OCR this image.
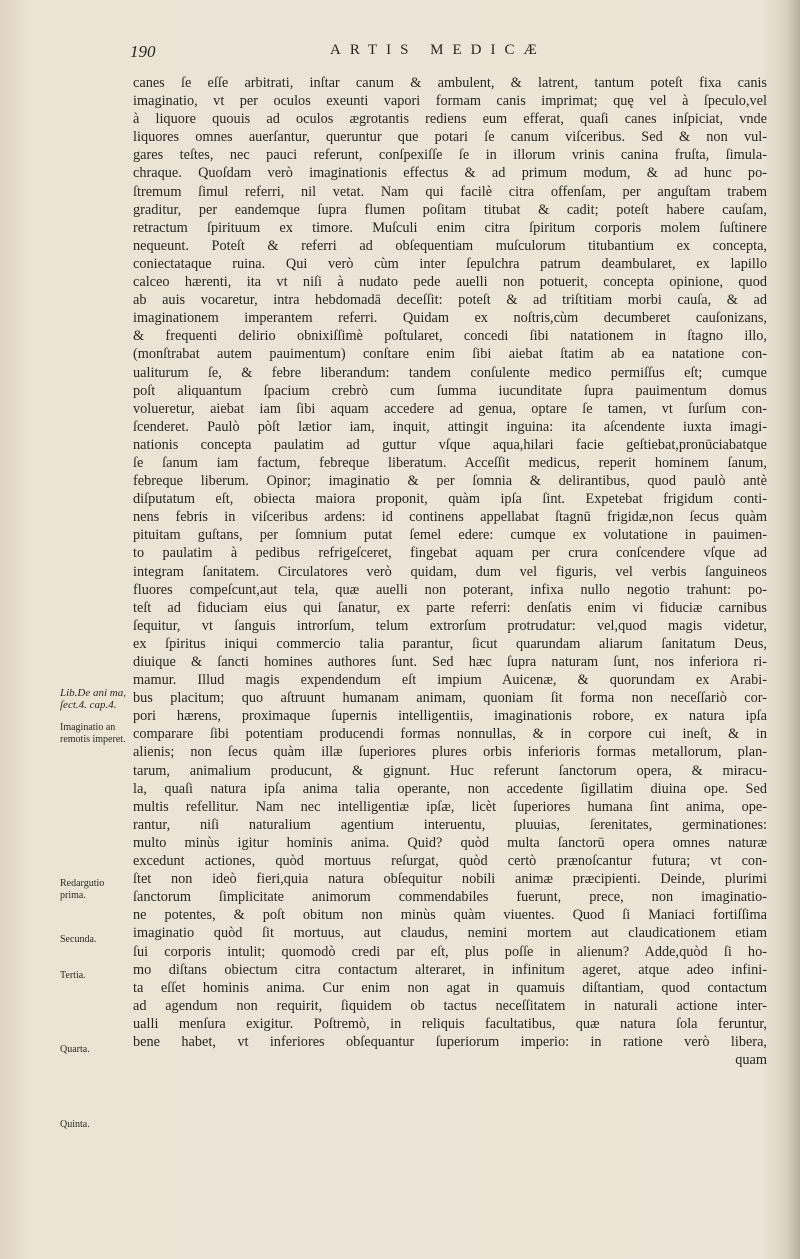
190	ARTIS MEDICÆ
canes ſe eſſe arbitrati, inſtar canum & ambulent, & latrent, tantum poteſt fixa canis
imaginatio, vt per oculos exeunti vapori formam canis imprimat; quę vel à ſpeculo,vel
à liquore quouis ad oculos ægrotantis rediens eum efferat, quaſi canes inſpiciat, vnde
liquores omnes auerſantur, queruntur que potari ſe canum viſceribus. Sed & non vul-
gares teſtes, nec pauci referunt, conſpexiſſe ſe in illorum vrinis canina fruſta, ſimula-
chraque. Quoſdam verò imaginationis effectus & ad primum modum, & ad hunc po-
ſtremum ſimul referri, nil vetat. Nam qui facilè citra offenſam, per anguſtam trabem
graditur, per eandemque ſupra flumen poſitam titubat & cadit; poteſt habere cauſam,
retractum ſpirituum ex timore. Muſculi enim citra ſpiritum corporis molem ſuſtinere
nequeunt. Poteſt & referri ad obſequentiam muſculorum titubantium ex concepta,
coniectataque ruina. Qui verò cùm inter ſepulchra patrum deambularet, ex lapillo
calceo hærenti, ita vt niſi à nudato pede auelli non potuerit, concepta opinione, quod
ab auis vocaretur, intra hebdomadā deceſſit: poteſt & ad triſtitiam morbi cauſa, & ad
imaginationem imperantem referri. Quidam ex noſtris,cùm decumberet cauſonizans,
& frequenti delirio obnixiſſimè poſtularet, concedi ſibi natationem in ſtagno illo,
(monſtrabat autem pauimentum) conſtare enim ſibi aiebat ſtatim ab ea natatione con-
ualiturum ſe, & febre liberandum: tandem conſulente medico permiſſus eſt; cumque
poſt aliquantum ſpacium crebrò cum ſumma iucunditate ſupra pauimentum domus
volueretur, aiebat iam ſibi aquam accedere ad genua, optare ſe tamen, vt ſurſum con-
ſcenderet. Paulò pòſt lætior iam, inquit, attingit inguina: ita aſcendente iuxta imagi-
nationis concepta paulatim ad guttur vſque aqua,hilari facie geſtiebat,pronūciabatque
ſe ſanum iam factum, febreque liberatum. Acceſſit medicus, reperit hominem ſanum,
febreque liberum. Opinor; imaginatio & per ſomnia & delirantibus, quod paulò antè
diſputatum eſt, obiecta maiora proponit, quàm ipſa ſint. Expetebat frigidum conti-
nens febris in viſceribus ardens: id continens appellabat ſtagnū frigidæ,non ſecus quàm
pituitam guſtans, per ſomnium putat ſemel edere: cumque ex volutatione in pauimen-
to paulatim à pedibus refrigeſceret, fingebat aquam per crura conſcendere vſque ad
integram ſanitatem. Circulatores verò quidam, dum vel figuris, vel verbis ſanguineos
fluores compeſcunt,aut tela, quæ auelli non poterant, infixa nullo negotio trahunt: po-
teſt ad fiduciam eius qui ſanatur, ex parte referri: denſatis enim vi fiduciæ carnibus
ſequitur, vt ſanguis introrſum, telum extrorſum protrudatur: vel,quod magis videtur,
ex ſpiritus iniqui commercio talia parantur, ſicut quarundam aliarum ſanitatum Deus,
diuique & ſancti homines authores ſunt. Sed hæc ſupra naturam ſunt, nos inferiora ri-
mamur. Illud magis expendendum eſt impium Auicenæ, & quorundam ex Arabi-
bus placitum; quo aſtruunt humanam animam, quoniam ſit forma non neceſſariò cor-
pori hærens, proximaque ſupernis intelligentiis, imaginationis robore, ex natura ipſa
comparare ſibi potentiam producendi formas nonnullas, & in corpore cui ineſt, & in
alienis; non ſecus quàm illæ ſuperiores plures orbis inferioris formas metallorum, plan-
tarum, animalium producunt, & gignunt. Huc referunt ſanctorum opera, & miracu-
la, quaſi natura ipſa anima talia operante, non accedente ſigillatim diuina ope. Sed
multis refellitur. Nam nec intelligentiæ ipſæ, licèt ſuperiores humana ſint anima, ope-
rantur, niſi naturalium agentium interuentu, pluuias, ſerenitates, germinationes:
multo minùs igitur hominis anima. Quid? quòd multa ſanctorū opera omnes naturæ
excedunt actiones, quòd mortuus reſurgat, quòd certò prænoſcantur futura; vt con-
ſtet non ideò fieri,quia natura obſequitur nobili animæ præcipienti. Deinde, plurimi
ſanctorum ſimplicitate animorum commendabiles fuerunt, prece, non imaginatio-
ne potentes, & poſt obitum non minùs quàm viuentes. Quod ſi Maniaci fortiſſima
imaginatio quòd ſit mortuus, aut claudus, nemini mortem aut claudicationem etiam
ſui corporis intulit; quomodò credi par eſt, plus poſſe in alienum? Adde,quòd ſi ho-
mo diſtans obiectum citra contactum alteraret, in infinitum ageret, atque adeo infini-
ta eſſet hominis anima. Cur enim non agat in quamuis diſtantiam, quod contactum
ad agendum non requirit, ſiquidem ob tactus neceſſitatem in naturali actione inter-
ualli menſura exigitur. Poſtremò, in reliquis facultatibus, quæ natura ſola feruntur,
bene habet, vt inferiores obſequantur ſuperiorum imperio: in ratione verò libera,
quam
Lib.De ani ma, ſect.4. cap.4.
Imaginatio an remotis imperet.
Redargutio prima.
Secunda.
Tertia.
Quarta.
Quinta.
